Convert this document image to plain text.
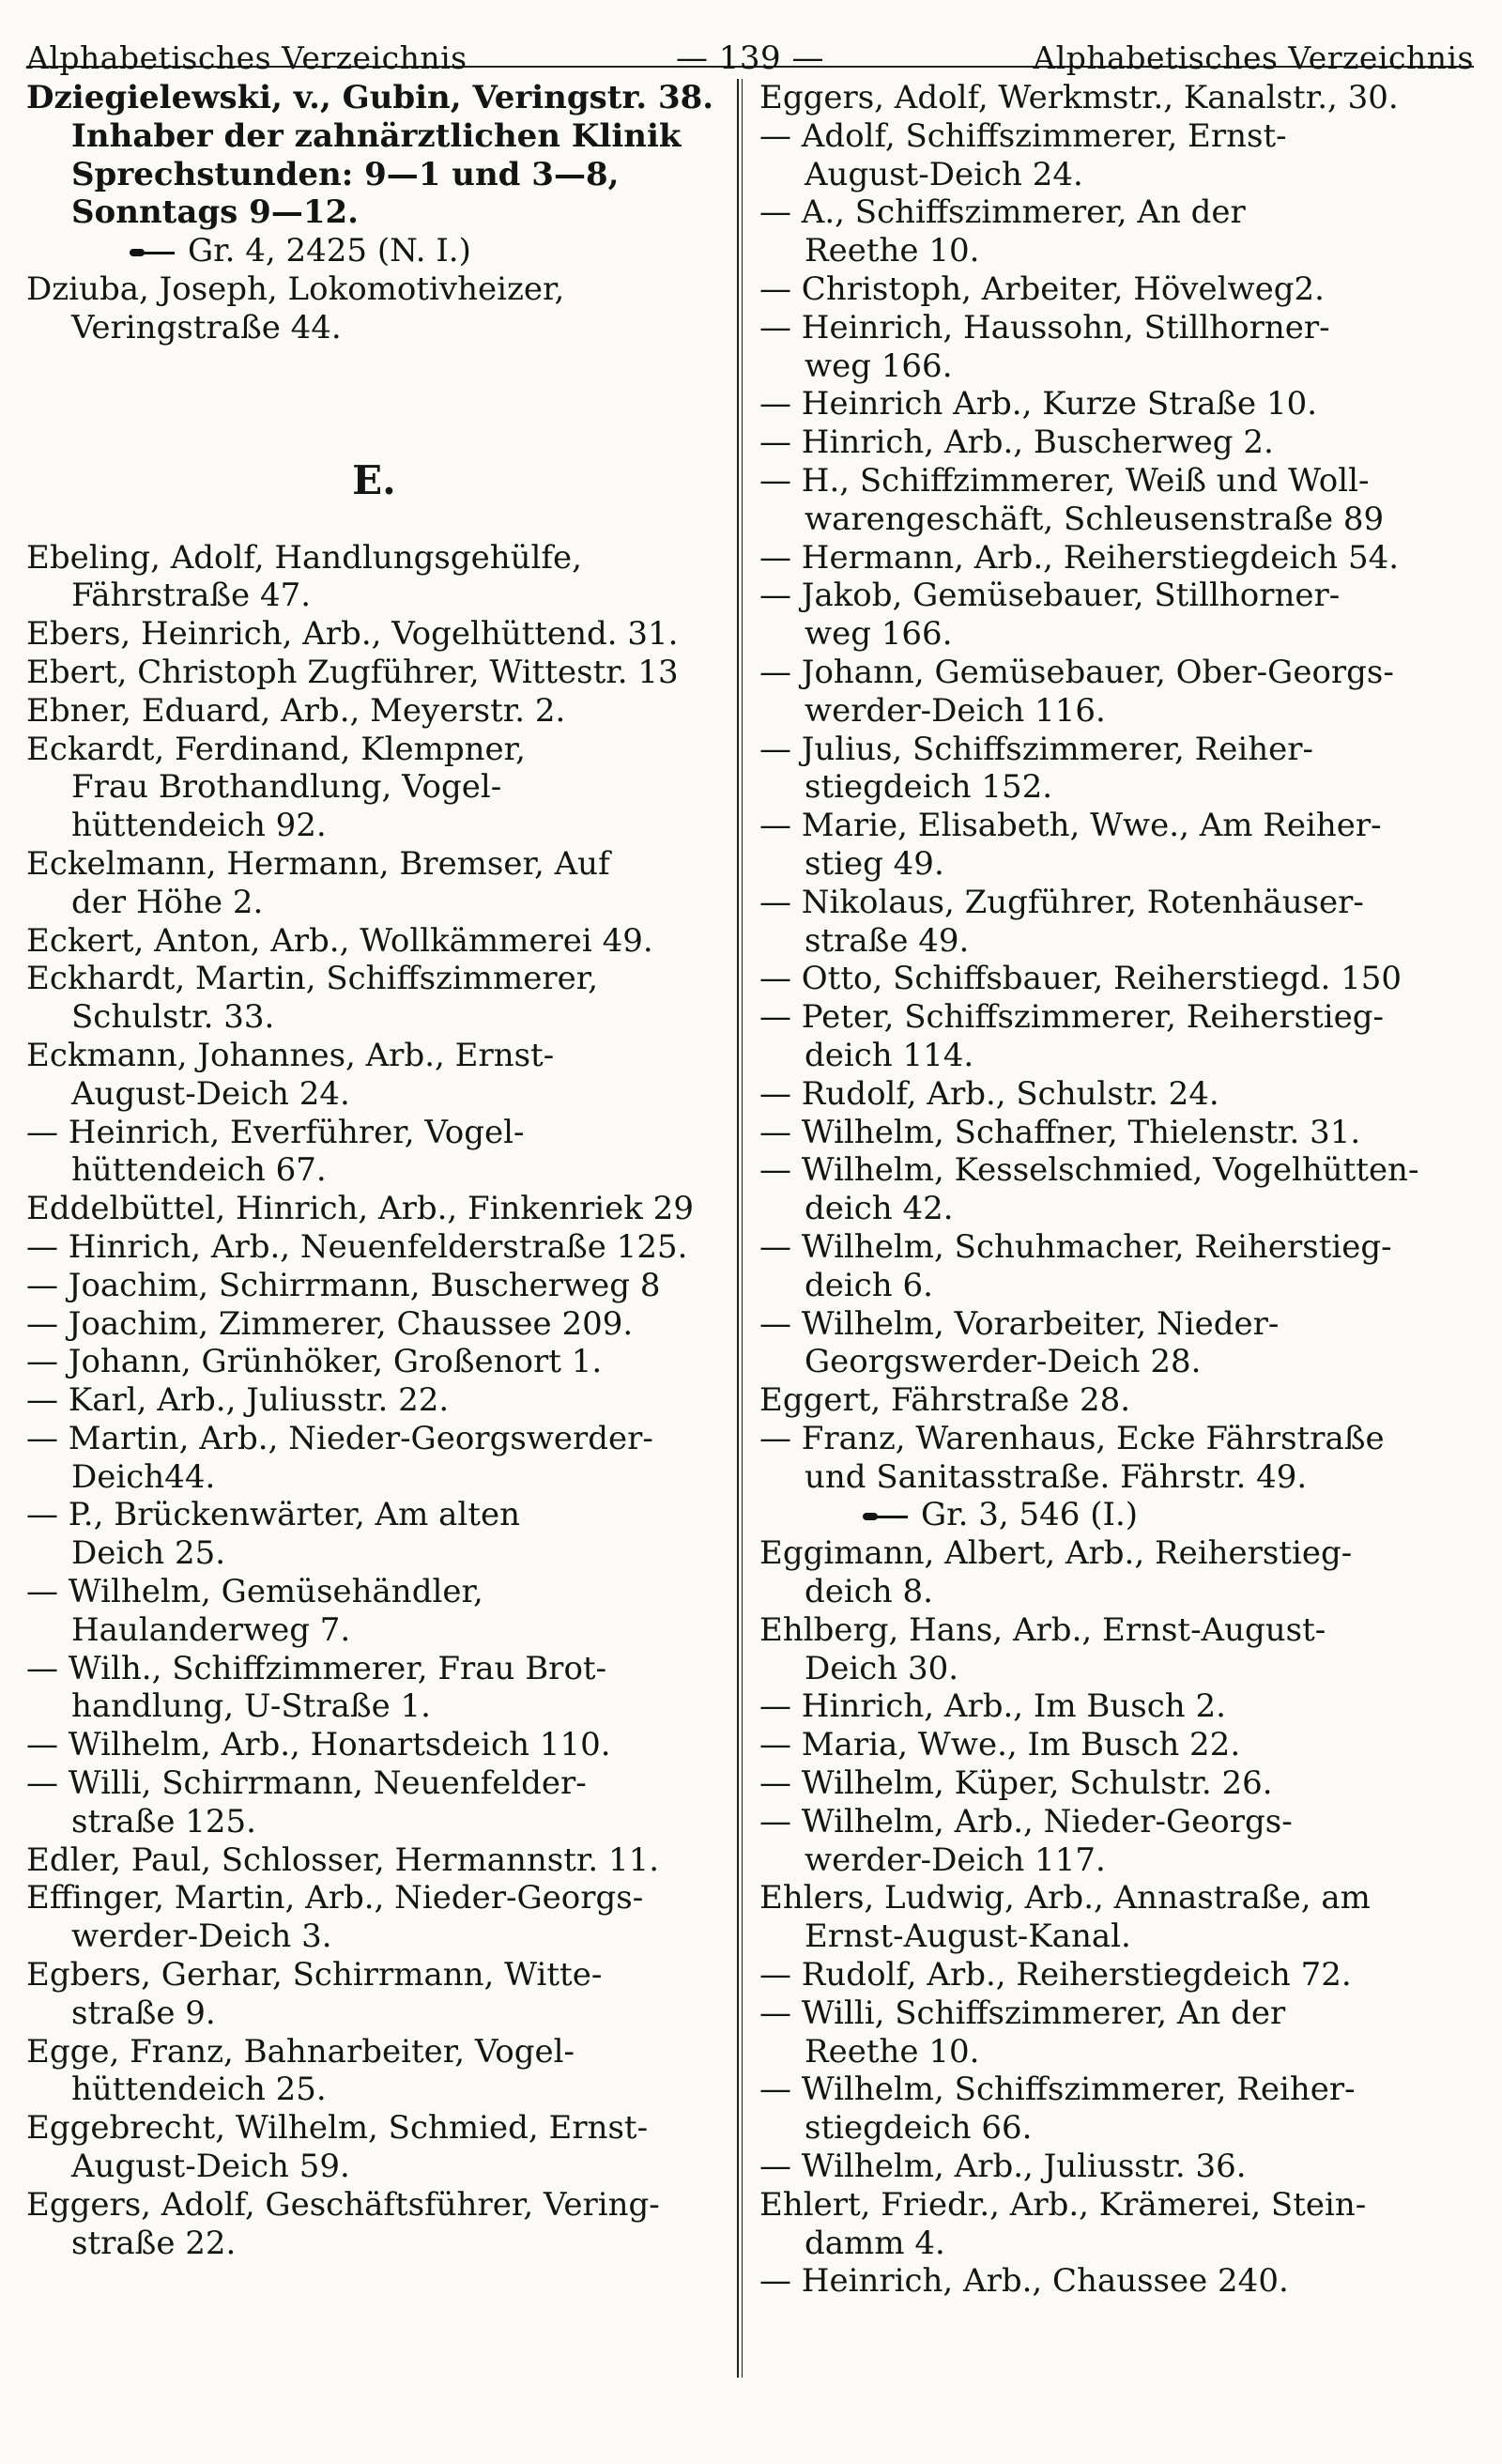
Alphabetisches Verzeichnis	— 139 —	Alphabetisches Verzeichnis
Dziegielewski, v., Gubin, Veringstr. 38.
Inhaber der zahnärztlichen Klinik
Sprechstunden: 9—1 und 3—8,
Sonntags 9—12.
Gr. 4, 2425 (N. I.)
Dziuba, Joseph, Lokomotivheizer,
Veringstraße 44.
E.
Ebeling, Adolf, Handlungsgehülfe,
Fährstraße 47.
Ebers, Heinrich, Arb., Vogelhüttend. 31.
Ebert, Christoph Zugführer, Wittestr. 13
Ebner, Eduard, Arb., Meyerstr. 2.
Eckardt, Ferdinand, Klempner,
Frau Brothandlung, Vogel-
hüttendeich 92.
Eckelmann, Hermann, Bremser, Auf
der Höhe 2.
Eckert, Anton, Arb., Wollkämmerei 49.
Eckhardt, Martin, Schiffszimmerer,
Schulstr. 33.
Eckmann, Johannes, Arb., Ernst-
August-Deich 24.
— Heinrich, Everführer, Vogel-
hüttendeich 67.
Eddelbüttel, Hinrich, Arb., Finkenriek 29
— Hinrich, Arb., Neuenfelderstraße 125.
— Joachim, Schirrmann, Buscherweg 8
— Joachim, Zimmerer, Chaussee 209.
— Johann, Grünhöker, Großenort 1.
— Karl, Arb., Juliusstr. 22.
— Martin, Arb., Nieder-Georgswerder-
Deich44.
— P., Brückenwärter, Am alten
Deich 25.
— Wilhelm, Gemüsehändler,
Haulanderweg 7.
— Wilh., Schiffzimmerer, Frau Brot-
handlung, U-Straße 1.
— Wilhelm, Arb., Honartsdeich 110.
— Willi, Schirrmann, Neuenfelder-
straße 125.
Edler, Paul, Schlosser, Hermannstr. 11.
Effinger, Martin, Arb., Nieder-Georgs-
werder-Deich 3.
Egbers, Gerhar, Schirrmann, Witte-
straße 9.
Egge, Franz, Bahnarbeiter, Vogel-
hüttendeich 25.
Eggebrecht, Wilhelm, Schmied, Ernst-
August-Deich 59.
Eggers, Adolf, Geschäftsführer, Vering-
straße 22.
Eggers, Adolf, Werkmstr., Kanalstr., 30.
— Adolf, Schiffszimmerer, Ernst-
August-Deich 24.
— A., Schiffszimmerer, An der
Reethe 10.
— Christoph, Arbeiter, Hövelweg2.
— Heinrich, Haussohn, Stillhorner-
weg 166.
— Heinrich Arb., Kurze Straße 10.
— Hinrich, Arb., Buscherweg 2.
— H., Schiffzimmerer, Weiß und Woll-
warengeschäft, Schleusenstraße 89
— Hermann, Arb., Reiherstiegdeich 54.
— Jakob, Gemüsebauer, Stillhorner-
weg 166.
— Johann, Gemüsebauer, Ober-Georgs-
werder-Deich 116.
— Julius, Schiffszimmerer, Reiher-
stiegdeich 152.
— Marie, Elisabeth, Wwe., Am Reiher-
stieg 49.
— Nikolaus, Zugführer, Rotenhäuser-
straße 49.
— Otto, Schiffsbauer, Reiherstiegd. 150
— Peter, Schiffszimmerer, Reiherstieg-
deich 114.
— Rudolf, Arb., Schulstr. 24.
— Wilhelm, Schaffner, Thielenstr. 31.
— Wilhelm, Kesselschmied, Vogelhütten-
deich 42.
— Wilhelm, Schuhmacher, Reiherstieg-
deich 6.
— Wilhelm, Vorarbeiter, Nieder-
Georgswerder-Deich 28.
Eggert, Fährstraße 28.
— Franz, Warenhaus, Ecke Fährstraße
und Sanitasstraße. Fährstr. 49.
Gr. 3, 546 (I.)
Eggimann, Albert, Arb., Reiherstieg-
deich 8.
Ehlberg, Hans, Arb., Ernst-August-
Deich 30.
— Hinrich, Arb., Im Busch 2.
— Maria, Wwe., Im Busch 22.
— Wilhelm, Küper, Schulstr. 26.
— Wilhelm, Arb., Nieder-Georgs-
werder-Deich 117.
Ehlers, Ludwig, Arb., Annastraße, am
Ernst-August-Kanal.
— Rudolf, Arb., Reiherstiegdeich 72.
— Willi, Schiffszimmerer, An der
Reethe 10.
— Wilhelm, Schiffszimmerer, Reiher-
stiegdeich 66.
— Wilhelm, Arb., Juliusstr. 36.
Ehlert, Friedr., Arb., Krämerei, Stein-
damm 4.
— Heinrich, Arb., Chaussee 240.
